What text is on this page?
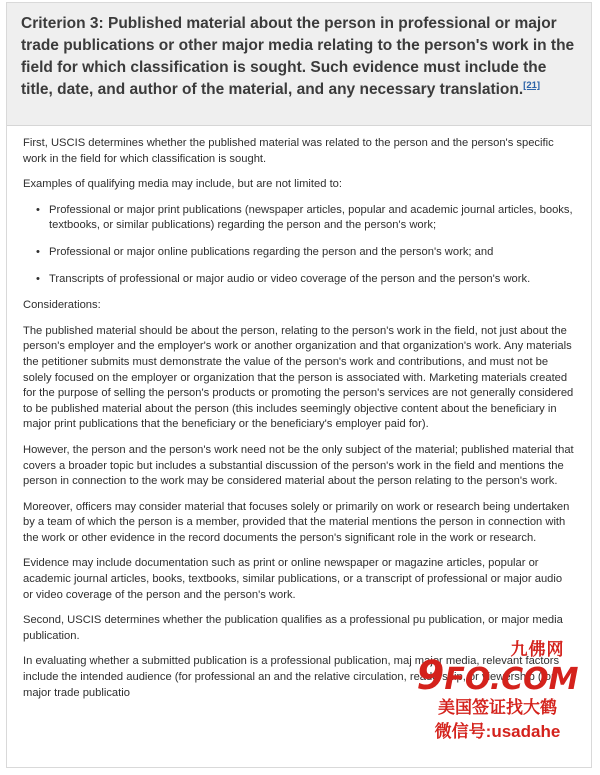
Criterion 3: Published material about the person in professional or major trade publications or other major media relating to the person's work in the field for which classification is sought. Such evidence must include the title, date, and author of the material, and any necessary translation.[21]

First, USCIS determines whether the published material was related to the person and the person's specific work in the field for which classification is sought.

Examples of qualifying media may include, but are not limited to:

• Professional or major print publications (newspaper articles, popular and academic journal articles, books, textbooks, or similar publications) regarding the person and the person's work;
• Professional or major online publications regarding the person and the person's work; and
• Transcripts of professional or major audio or video coverage of the person and the person's work.

Considerations:

The published material should be about the person, relating to the person's work in the field, not just about the person's employer and the employer's work or another organization and that organization's work. Any materials the petitioner submits must demonstrate the value of the person's work and contributions, and must not be solely focused on the employer or organization that the person is associated with. Marketing materials created for the purpose of selling the person's products or promoting the person's services are not generally considered to be published material about the person (this includes seemingly objective content about the beneficiary in major print publications that the beneficiary or the beneficiary's employer paid for).

However, the person and the person's work need not be the only subject of the material; published material that covers a broader topic but includes a substantial discussion of the person's work in the field and mentions the person in connection to the work may be considered material about the person relating to the person's work.

Moreover, officers may consider material that focuses solely or primarily on work or research being undertaken by a team of which the person is a member, provided that the material mentions the person in connection with the work or other evidence in the record documents the person's significant role in the work or research.

Evidence may include documentation such as print or online newspaper or magazine articles, popular or academic journal articles, books, textbooks, similar publications, or a transcript of professional or major audio or video coverage of the person and the person's work.

Second, USCIS determines whether the publication qualifies as a professional pu publication, or major media publication.

In evaluating whether a submitted publication is a professional publication, maj major media, relevant factors include the intended audience (for professional an and the relative circulation, readership, or viewership (for major trade publicatio

九佛网
9FO.COM
美国签证找大鹤
微信号:usadahe
